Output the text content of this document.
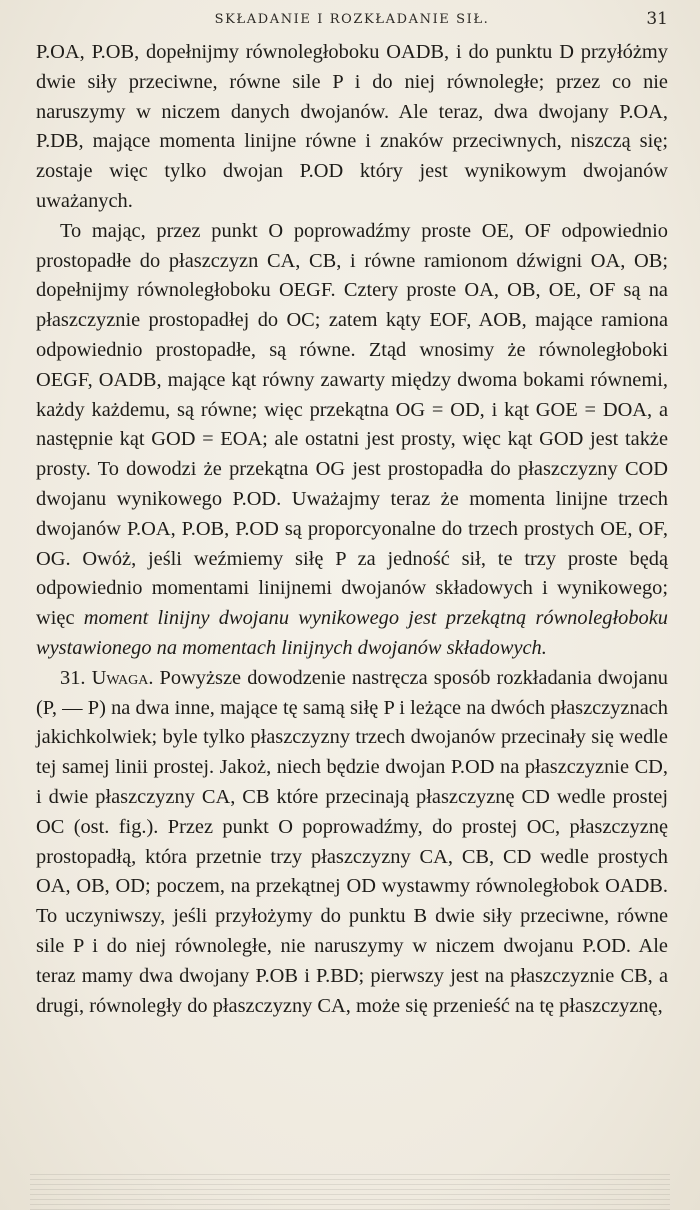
SKŁADANIE I ROZKŁADANIE SIŁ.	31

P.OA, P.OB, dopełnijmy równoległoboku OADB, i do punktu D przyłóżmy dwie siły przeciwne, równe sile P i do niej równoległe; przez co nie naruszymy w niczem danych dwojanów. Ale teraz, dwa dwojany P.OA, P.DB, mające momenta linijne równe i znaków przeciwnych, niszczą się; zostaje więc tylko dwojan P.OD który jest wynikowym dwojanów uważanych.

To mając, przez punkt O poprowadźmy proste OE, OF odpowiednio prostopadłe do płaszczyzn CA, CB, i równe ramionom dźwigni OA, OB; dopełnijmy równoległoboku OEGF. Cztery proste OA, OB, OE, OF są na płaszczyznie prostopadłej do OC; zatem kąty EOF, AOB, mające ramiona odpowiednio prostopadłe, są równe. Ztąd wnosimy że równoległoboki OEGF, OADB, mające kąt równy zawarty między dwoma bokami równemi, każdy każdemu, są równe; więc przekątna OG = OD, i kąt GOE = DOA, a następnie kąt GOD = EOA; ale ostatni jest prosty, więc kąt GOD jest także prosty. To dowodzi że przekątna OG jest prostopadła do płaszczyzny COD dwojanu wynikowego P.OD. Uważajmy teraz że momenta linijne trzech dwojanów P.OA, P.OB, P.OD są proporcyonalne do trzech prostych OE, OF, OG. Owóż, jeśli weźmiemy siłę P za jedność sił, te trzy proste będą odpowiednio momentami linijnemi dwojanów składowych i wynikowego; więc moment linijny dwojanu wynikowego jest przekątną równoległoboku wystawionego na momentach linijnych dwojanów składowych.

31. Uwaga. Powyższe dowodzenie nastręcza sposób rozkładania dwojanu (P, — P) na dwa inne, mające tę samą siłę P i leżące na dwóch płaszczyznach jakichkolwiek; byle tylko płaszczyzny trzech dwojanów przecinały się wedle tej samej linii prostej. Jakoż, niech będzie dwojan P.OD na płaszczyznie CD, i dwie płaszczyzny CA, CB które przecinają płaszczyznę CD wedle prostej OC (ost. fig.). Przez punkt O poprowadźmy, do prostej OC, płaszczyznę prostopadłą, która przetnie trzy płaszczyzny CA, CB, CD wedle prostych OA, OB, OD; poczem, na przekątnej OD wystawmy równoległobok OADB. To uczyniwszy, jeśli przyłożymy do punktu B dwie siły przeciwne, równe sile P i do niej równoległe, nie naruszymy w niczem dwojanu P.OD. Ale teraz mamy dwa dwojany P.OB i P.BD; pierwszy jest na płaszczyznie CB, a drugi, równoległy do płaszczyzny CA, może się przenieść na tę płaszczyznę,
